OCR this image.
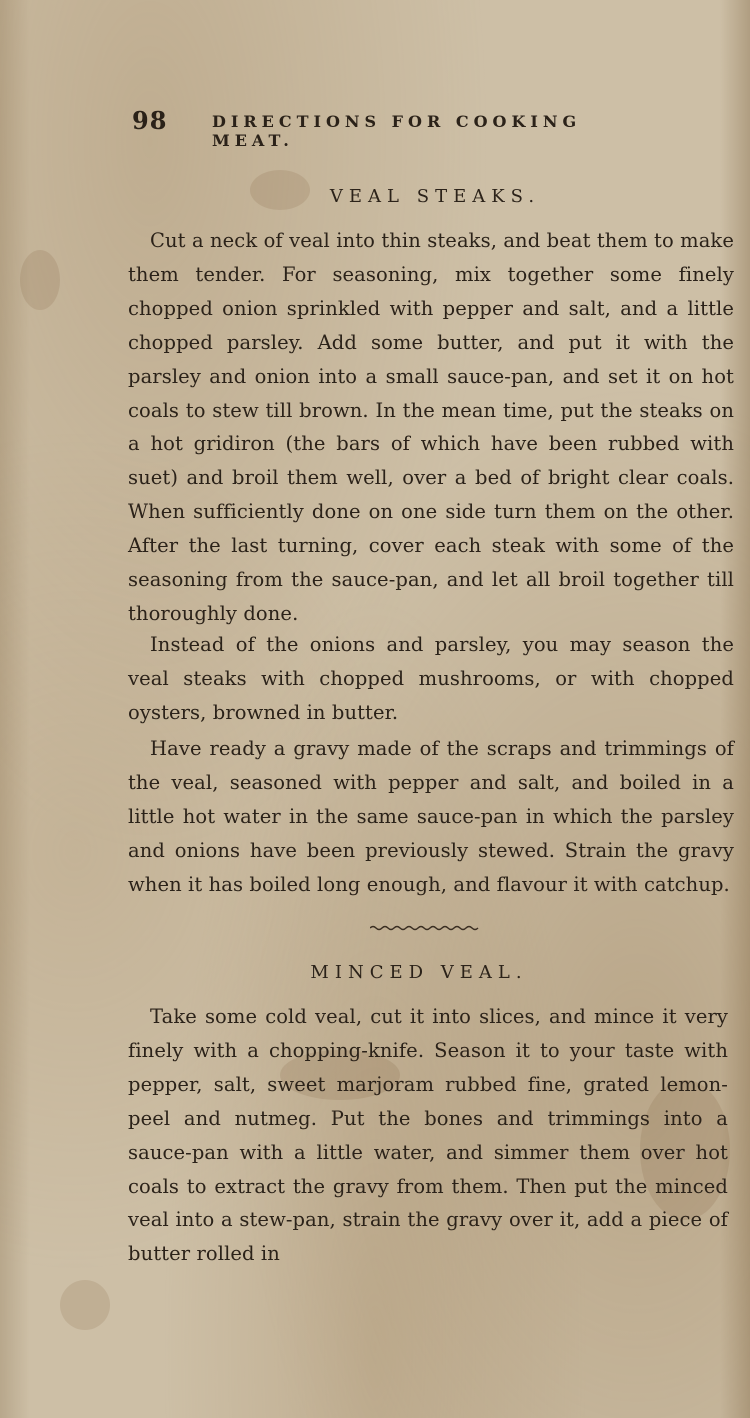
98	DIRECTIONS FOR COOKING MEAT.
VEAL STEAKS.

Cut a neck of veal into thin steaks, and beat them to make them tender. For seasoning, mix together some finely chopped onion sprinkled with pepper and salt, and a little chopped parsley. Add some butter, and put it with the parsley and onion into a small sauce-pan, and set it on hot coals to stew till brown. In the mean time, put the steaks on a hot gridiron (the bars of which have been rubbed with suet) and broil them well, over a bed of bright clear coals. When sufficiently done on one side turn them on the other. After the last turning, cover each steak with some of the seasoning from the sauce-pan, and let all broil together till thoroughly done.

Instead of the onions and parsley, you may season the veal steaks with chopped mushrooms, or with chopped oysters, browned in butter.

Have ready a gravy made of the scraps and trimmings of the veal, seasoned with pepper and salt, and boiled in a little hot water in the same sauce-pan in which the parsley and onions have been previously stewed. Strain the gravy when it has boiled long enough, and flavour it with catchup.

MINCED VEAL.

Take some cold veal, cut it into slices, and mince it very finely with a chopping-knife. Season it to your taste with pepper, salt, sweet marjoram rubbed fine, grated lemon-peel and nutmeg. Put the bones and trimmings into a sauce-pan with a little water, and simmer them over hot coals to extract the gravy from them. Then put the minced veal into a stew-pan, strain the gravy over it, add a piece of butter rolled in
